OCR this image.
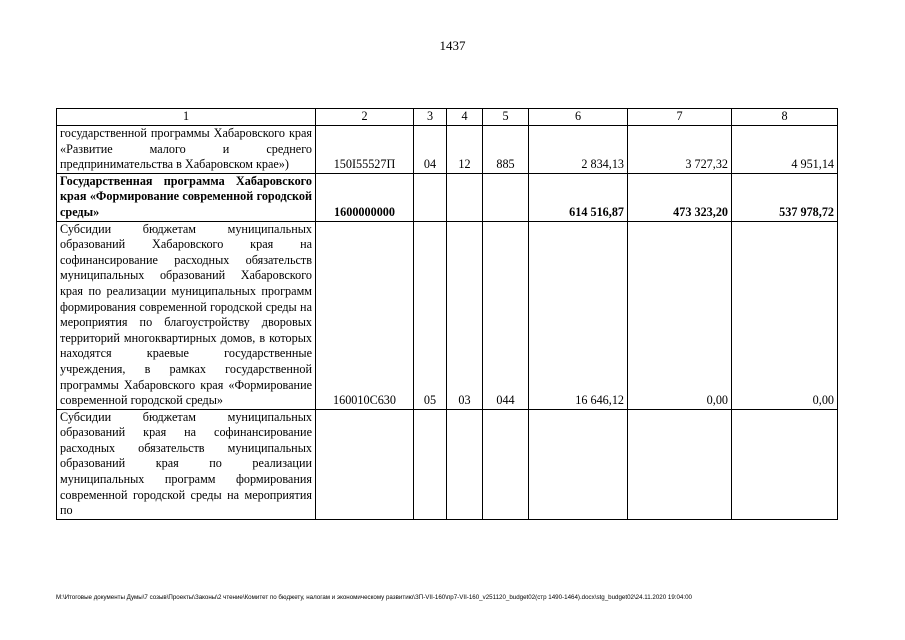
1437
1	2	3	4	5	6	7	8
государственной программы Хабаровского края «Развитие малого и среднего предпринимательства в Хабаровском крае»)	150I55527П	04	12	885	2 834,13	3 727,32	4 951,14
Государственная программа Хабаровского края «Формирование современной городской среды»	1600000000				614 516,87	473 323,20	537 978,72
Субсидии бюджетам муниципальных образований Хабаровского края на софинансирование расходных обязательств муниципальных образований Хабаровского края по реализации муниципальных программ формирования современной городской среды на мероприятия по благоустройству дворовых территорий многоквартирных домов, в которых находятся краевые государственные учреждения, в рамках государственной программы Хабаровского края «Формирование современной городской среды»	160010С630	05	03	044	16 646,12	0,00	0,00
Субсидии бюджетам муниципальных образований края на софинансирование расходных обязательств муниципальных образований края по реализации муниципальных программ формирования современной городской среды на мероприятия по							
М:\Итоговые документы Думы\7 созыв\Проекты\Законы\2 чтение\Комитет по бюджету, налогам и экономическому развитию\ЗП-VII-160\пр7-VII-160_v251120_budget02(стр 1490-1464).docx\stg_budget02\24.11.2020 19:04:00
